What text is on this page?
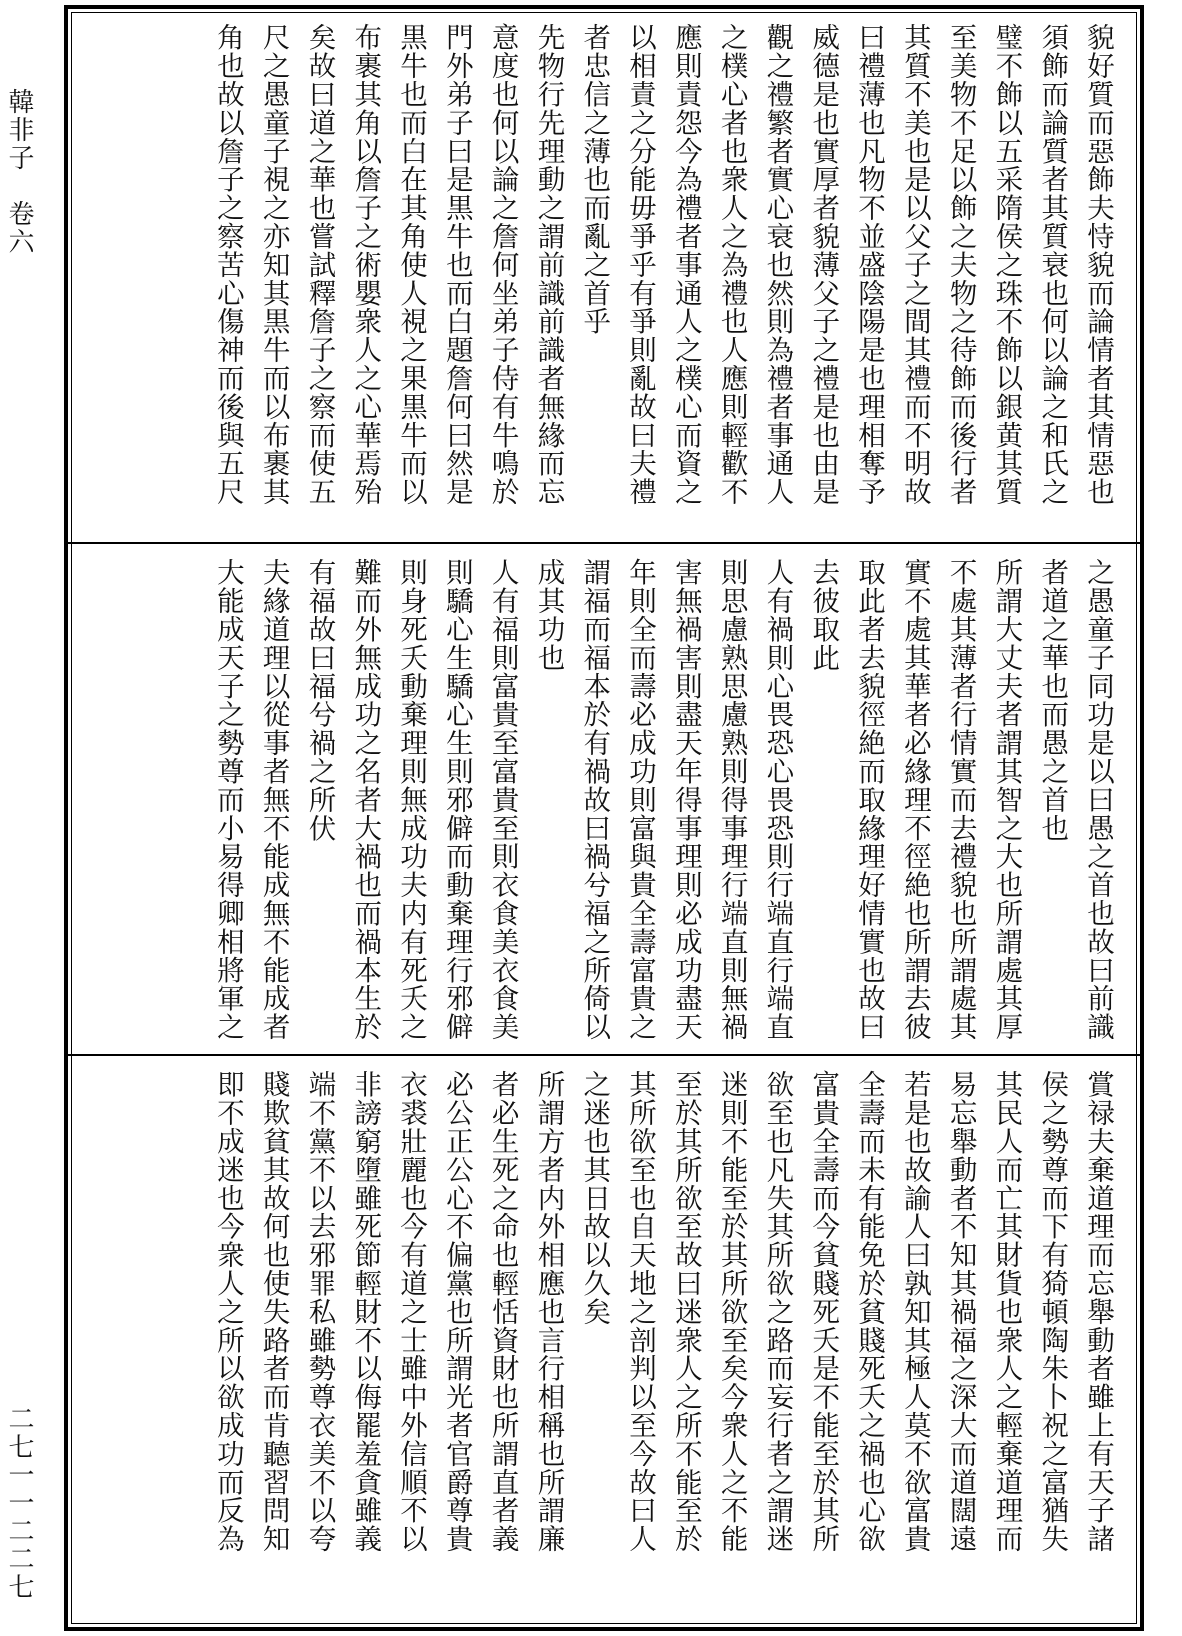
韓非子　卷六
二七一一二二七
貌好質而惡飾夫恃貌而論情者其情惡也
須飾而論質者其質衰也何以論之和氏之
璧不飾以五采隋侯之珠不飾以銀黄其質
至美物不足以飾之夫物之待飾而後行者
其質不美也是以父子之間其禮而不明故
曰禮薄也凡物不並盛陰陽是也理相奪予
威德是也實厚者貌薄父子之禮是也由是
觀之禮繁者實心衰也然則為禮者事通人
之樸心者也衆人之為禮也人應則輕歡不
應則責怨今為禮者事通人之樸心而資之
以相責之分能毋爭乎有爭則亂故曰夫禮
者忠信之薄也而亂之首乎
先物行先理動之謂前識前識者無緣而忘
意度也何以論之詹何坐弟子侍有牛鳴於
門外弟子曰是黒牛也而白題詹何曰然是
黒牛也而白在其角使人視之果黒牛而以
布裹其角以詹子之術嬰衆人之心華焉殆
矣故曰道之華也嘗試釋詹子之察而使五
尺之愚童子視之亦知其黒牛而以布裹其
角也故以詹子之察苦心傷神而後與五尺
之愚童子同功是以曰愚之首也故曰前識
者道之華也而愚之首也
所謂大丈夫者謂其智之大也所謂處其厚
不處其薄者行情實而去禮貌也所謂處其
實不處其華者必緣理不徑絶也所謂去彼
取此者去貌徑絶而取緣理好情實也故曰
去彼取此
人有禍則心畏恐心畏恐則行端直行端直
則思慮熟思慮熟則得事理行端直則無禍
害無禍害則盡天年得事理則必成功盡天
年則全而壽必成功則富與貴全壽富貴之
謂福而福本於有禍故曰禍兮福之所倚以
成其功也
人有福則富貴至富貴至則衣食美衣食美
則驕心生驕心生則邪僻而動棄理行邪僻
則身死夭動棄理則無成功夫内有死夭之
難而外無成功之名者大禍也而禍本生於
有福故曰福兮禍之所伏
夫緣道理以從事者無不能成無不能成者
大能成天子之勢尊而小易得卿相將軍之
賞禄夫棄道理而忘舉動者雖上有天子諸
侯之勢尊而下有猗頓陶朱卜祝之富猶失
其民人而亡其財貨也衆人之輕棄道理而
易忘舉動者不知其禍福之深大而道闊遠
若是也故諭人曰孰知其極人莫不欲富貴
全壽而未有能免於貧賤死夭之禍也心欲
富貴全壽而今貧賤死夭是不能至於其所
欲至也凡失其所欲之路而妄行者之謂迷
迷則不能至於其所欲至矣今衆人之不能
至於其所欲至故曰迷衆人之所不能至於
其所欲至也自天地之剖判以至今故曰人
之迷也其日故以久矣
所謂方者内外相應也言行相稱也所謂廉
者必生死之命也輕恬資財也所謂直者義
必公正公心不偏黨也所謂光者官爵尊貴
衣裘壯麗也今有道之士雖中外信順不以
非謗窮墮雖死節輕財不以侮罷羞貪雖義
端不黨不以去邪罪私雖勢尊衣美不以夸
賤欺貧其故何也使失路者而肯聽習問知
即不成迷也今衆人之所以欲成功而反為
